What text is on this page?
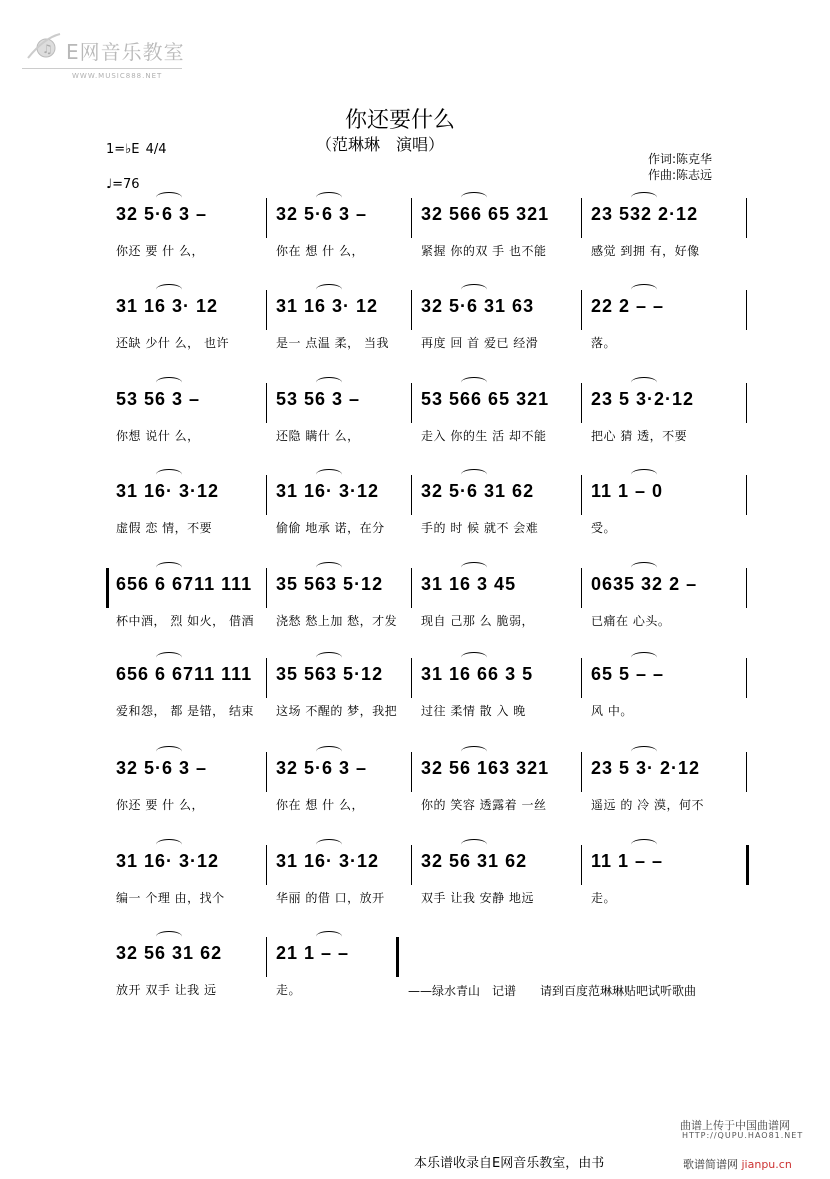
♫ E网音乐教室
WWW.MUSIC888.NET
你还要什么
（范琳琳　演唱）
1=♭E 4/4
♩=76
作词:陈克华
作曲:陈志远
32 5·6 3 –
你还 要 什 么，
32 5·6 3 –
你在 想 什 么，
32 566 65 321
紧握 你的双 手 也不能
23 532 2·12
感觉 到拥 有，好像
31 16 3· 12
还缺 少什 么， 也许
31 16 3· 12
是一 点温 柔， 当我
32 5·6 31 63
再度 回 首 爱已 经滑
22 2 – –
落。
53 56 3 –
你想 说什 么，
53 56 3 –
还隐 瞒什 么，
53 566 65 321
走入 你的生 活 却不能
23 5 3·2·12
把心 猜 透，不要
31 16· 3·12
虚假 恋 情，不要
31 16· 3·12
偷偷 地承 诺，在分
32 5·6 31 62
手的 时 候 就不 会难
11 1 – 0
受。
656 6 6711 111
杯中酒， 烈 如火， 借酒
35 563 5·12
浇愁 愁上加 愁，才发
31 16 3 45
现自 己那 么 脆弱，
0635 32 2 –
已痛在 心头。
656 6 6711 111
爱和怨， 都 是错， 结束
35 563 5·12
这场 不醒的 梦，我把
31 16 66 3 5
过往 柔情 散 入 晚
65 5 – –
风 中。
32 5·6 3 –
你还 要 什 么，
32 5·6 3 –
你在 想 什 么，
32 56 163 321
你的 笑容 透露着 一丝
23 5 3· 2·12
遥远 的 冷 漠，何不
31 16· 3·12
编一 个理 由，找个
31 16· 3·12
华丽 的借 口，放开
32 56 31 62
双手 让我 安静 地远
11 1 – –
走。
32 56 31 62
放开 双手 让我 远
21 1 – –
走。	——绿水青山　记谱 请到百度范琳琳贴吧试听歌曲
曲谱上传于中国曲谱网
HTTP://QUPU.HAO81.NET
本乐谱收录自E网音乐教室，由书	歌谱简谱网 jianpu.cn
